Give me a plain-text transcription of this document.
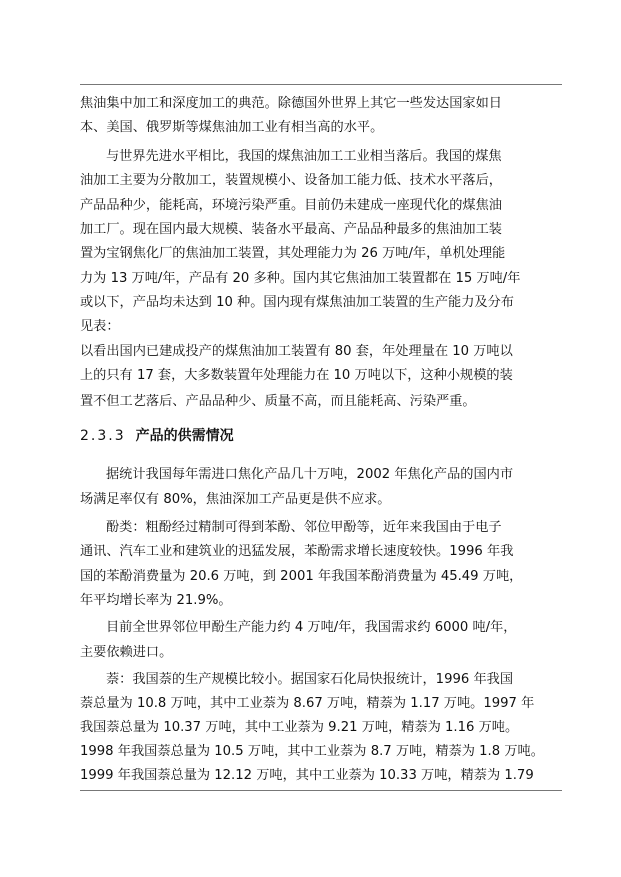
焦油集中加工和深度加工的典范。除德国外世界上其它一些发达国家如日
本、美国、俄罗斯等煤焦油加工业有相当高的水平。
与世界先进水平相比，我国的煤焦油加工工业相当落后。我国的煤焦
油加工主要为分散加工，装置规模小、设备加工能力低、技术水平落后，
产品品种少，能耗高，环境污染严重。目前仍未建成一座现代化的煤焦油
加工厂。现在国内最大规模、装备水平最高、产品品种最多的焦油加工装
置为宝钢焦化厂的焦油加工装置，其处理能力为 26 万吨/年，单机处理能
力为 13 万吨/年，产品有 20 多种。国内其它焦油加工装置都在 15 万吨/年
或以下，产品均未达到 10 种。国内现有煤焦油加工装置的生产能力及分布
见表：
以看出国内已建成投产的煤焦油加工装置有 80 套，年处理量在 10 万吨以
上的只有 17 套，大多数装置年处理能力在 10 万吨以下，这种小规模的装
置不但工艺落后、产品品种少、质量不高，而且能耗高、污染严重。
2.3.3 产品的供需情况
据统计我国每年需进口焦化产品几十万吨，2002 年焦化产品的国内市
场满足率仅有 80%，焦油深加工产品更是供不应求。
酚类：粗酚经过精制可得到苯酚、邻位甲酚等，近年来我国由于电子
通讯、汽车工业和建筑业的迅猛发展，苯酚需求增长速度较快。1996 年我
国的苯酚消费量为 20.6 万吨，到 2001 年我国苯酚消费量为 45.49 万吨，
年平均增长率为 21.9%。
目前全世界邻位甲酚生产能力约 4 万吨/年，我国需求约 6000 吨/年，
主要依赖进口。
萘：我国萘的生产规模比较小。据国家石化局快报统计，1996 年我国
萘总量为 10.8 万吨，其中工业萘为 8.67 万吨，精萘为 1.17 万吨。1997 年
我国萘总量为 10.37 万吨，其中工业萘为 9.21 万吨，精萘为 1.16 万吨。
1998 年我国萘总量为 10.5 万吨，其中工业萘为 8.7 万吨，精萘为 1.8 万吨。
1999 年我国萘总量为 12.12 万吨，其中工业萘为 10.33 万吨，精萘为 1.79
